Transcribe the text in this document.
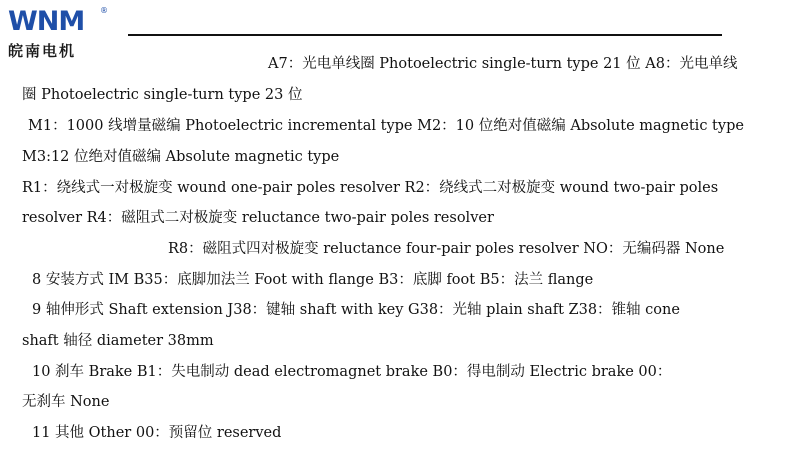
WNM ®
皖南电机
A7：光电单线圈 Photoelectric single-turn type 21 位 A8：光电单线
圈 Photoelectric single-turn type 23 位
M1：1000 线增量磁编 Photoelectric incremental type M2：10 位绝对值磁编 Absolute magnetic type
M3:12 位绝对值磁编 Absolute magnetic type
R1：绕线式一对极旋变 wound one-pair poles resolver R2：绕线式二对极旋变 wound two-pair poles
resolver R4：磁阻式二对极旋变 reluctance two-pair poles resolver
R8：磁阻式四对极旋变 reluctance four-pair poles resolver NO：无编码器 None
8 安装方式 IM B35：底脚加法兰 Foot with flange B3：底脚 foot B5：法兰 flange
9 轴伸形式 Shaft extension J38：键轴 shaft with key G38：光轴 plain shaft Z38：锥轴 cone
shaft 轴径 diameter 38mm
10 刹车 Brake B1：失电制动 dead electromagnet brake B0：得电制动 Electric brake 00：
无刹车 None
11 其他 Other 00：预留位 reserved
